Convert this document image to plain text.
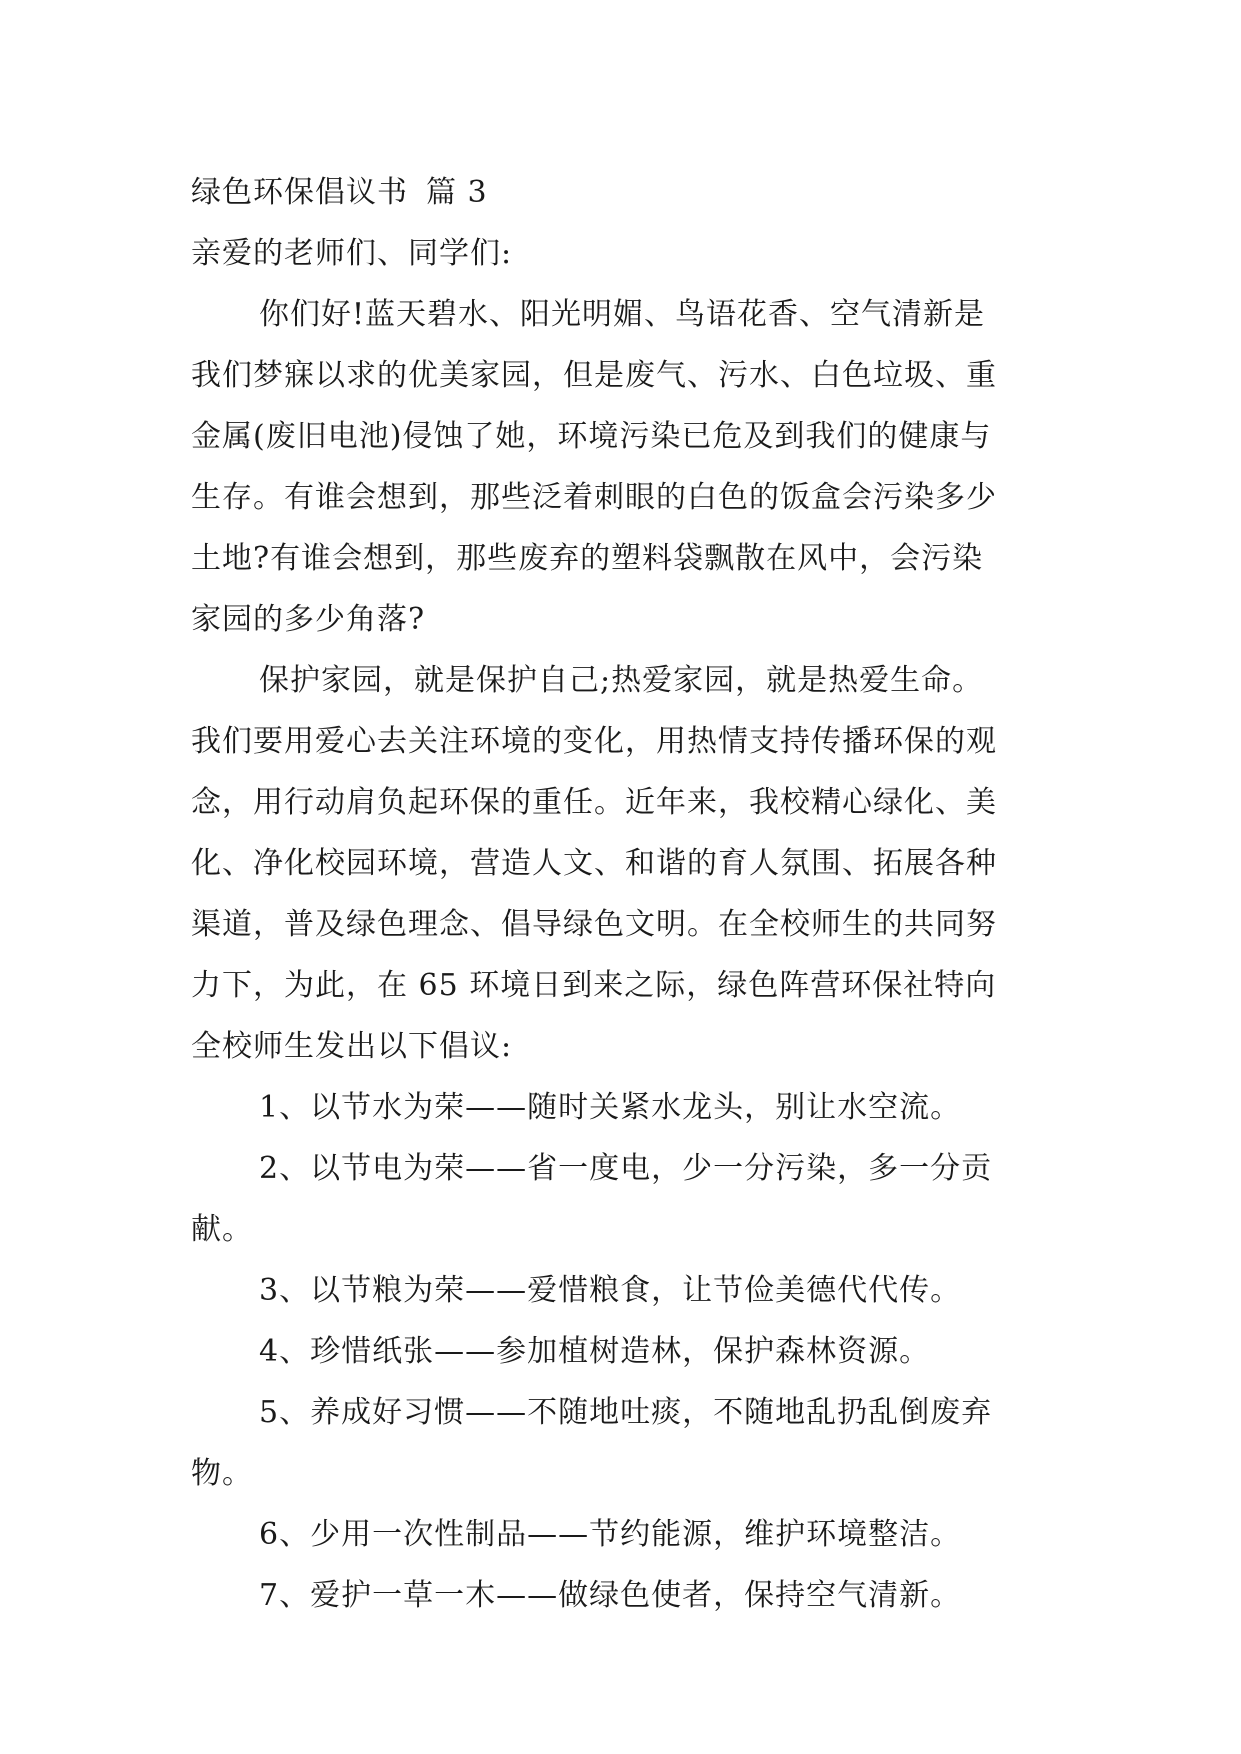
绿色环保倡议书 篇 3
亲爱的老师们、同学们:
你们好!蓝天碧水、阳光明媚、鸟语花香、空气清新是
我们梦寐以求的优美家园，但是废气、污水、白色垃圾、重
金属(废旧电池)侵蚀了她，环境污染已危及到我们的健康与
生存。有谁会想到，那些泛着刺眼的白色的饭盒会污染多少
土地?有谁会想到，那些废弃的塑料袋飘散在风中，会污染
家园的多少角落?
保护家园，就是保护自己;热爱家园，就是热爱生命。
我们要用爱心去关注环境的变化，用热情支持传播环保的观
念，用行动肩负起环保的重任。近年来，我校精心绿化、美
化、净化校园环境，营造人文、和谐的育人氛围、拓展各种
渠道，普及绿色理念、倡导绿色文明。在全校师生的共同努
力下，为此，在 65 环境日到来之际，绿色阵营环保社特向
全校师生发出以下倡议:
1、以节水为荣——随时关紧水龙头，别让水空流。
2、以节电为荣——省一度电，少一分污染，多一分贡
献。
3、以节粮为荣——爱惜粮食，让节俭美德代代传。
4、珍惜纸张——参加植树造林，保护森林资源。
5、养成好习惯——不随地吐痰，不随地乱扔乱倒废弃
物。
6、少用一次性制品——节约能源，维护环境整洁。
7、爱护一草一木——做绿色使者，保持空气清新。
